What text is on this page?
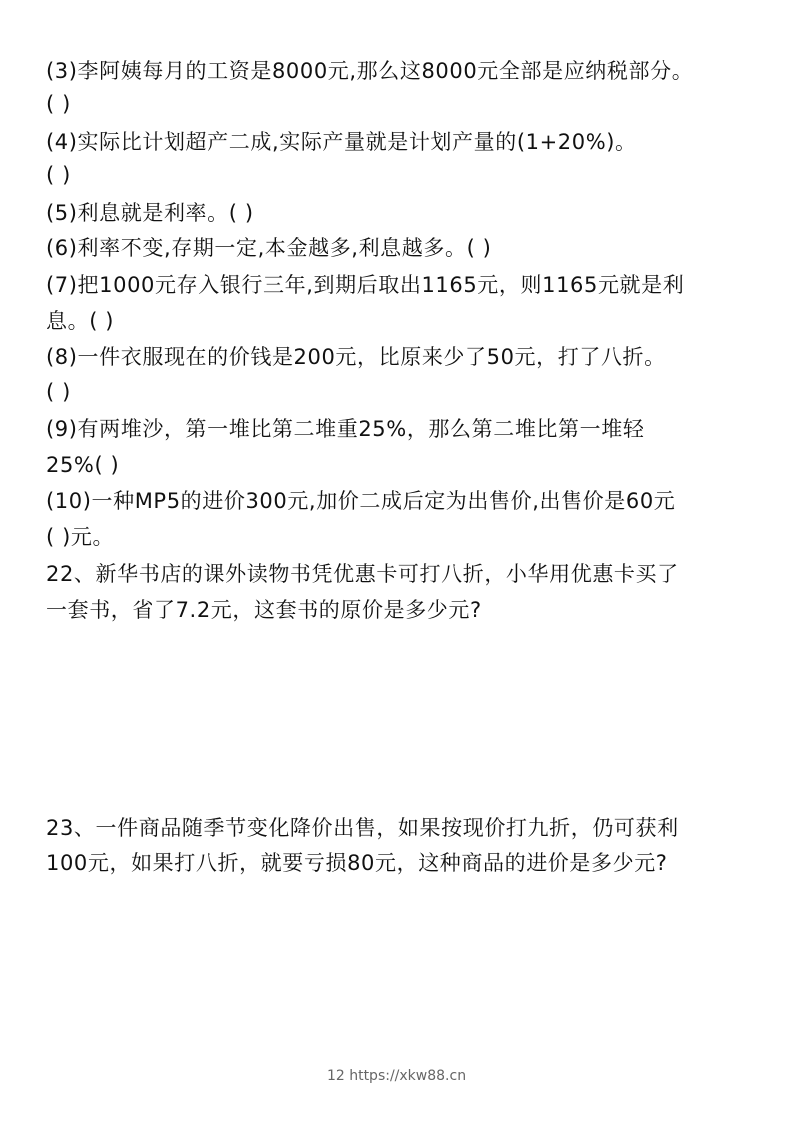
(3)李阿姨每月的工资是8000元,那么这8000元全部是应纳税部分。
( )
(4)实际比计划超产二成,实际产量就是计划产量的(1+20%)。
( )
(5)利息就是利率。( )
(6)利率不变,存期一定,本金越多,利息越多。( )
(7)把1000元存入银行三年,到期后取出1165元，则1165元就是利
息。( )
(8)一件衣服现在的价钱是200元，比原来少了50元，打了八折。
( )
(9)有两堆沙，第一堆比第二堆重25%，那么第二堆比第一堆轻
25%( )
(10)一种MP5的进价300元,加价二成后定为出售价,出售价是60元
( )元。
22、新华书店的课外读物书凭优惠卡可打八折，小华用优惠卡买了
一套书，省了7.2元，这套书的原价是多少元?
23、一件商品随季节变化降价出售，如果按现价打九折，仍可获利
100元，如果打八折，就要亏损80元，这种商品的进价是多少元?
12 https://xkw88.cn
